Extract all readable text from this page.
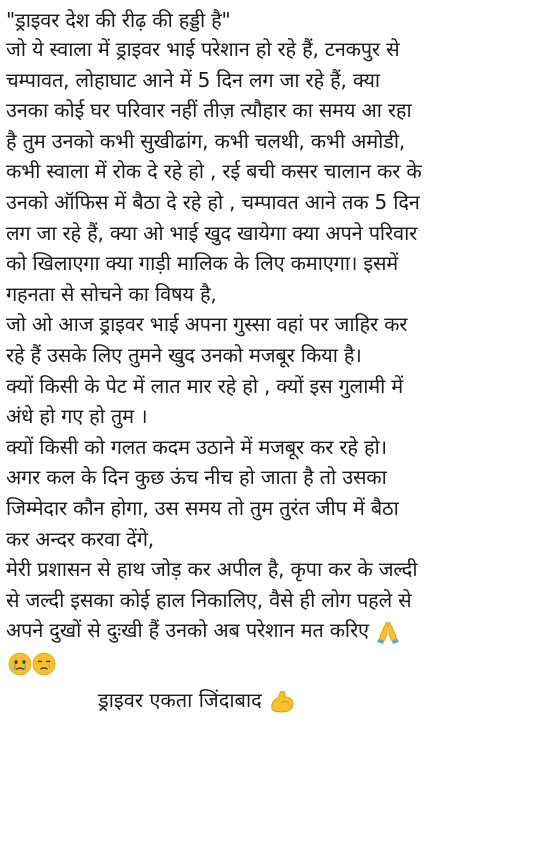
"ड्राइवर देश की रीढ़ की हड्डी है"
जो ये स्वाला में ड्राइवर भाई परेशान हो रहे हैं, टनकपुर से
चम्पावत, लोहाघाट आने में 5 दिन लग जा रहे हैं, क्या
उनका कोई घर परिवार नहीं तीज़ त्यौहार का समय आ रहा
है तुम उनको कभी सुखीढांग, कभी चलथी, कभी अमोडी,
कभी स्वाला में रोक दे रहे हो , रई बची कसर चालान कर के
उनको ऑफिस में बैठा दे रहे हो , चम्पावत आने तक 5 दिन
लग जा रहे हैं, क्या ओ भाई खुद खायेगा क्या अपने परिवार
को खिलाएगा क्या गाड़ी मालिक के लिए कमाएगा। इसमें
गहनता से सोचने का विषय है,
जो ओ आज ड्राइवर भाई अपना गुस्सा वहां पर जाहिर कर
रहे हैं उसके लिए तुमने खुद उनको मजबूर किया है।
क्यों किसी के पेट में लात मार रहे हो , क्यों इस गुलामी में
अंधे हो गए हो तुम ।
क्यों किसी को गलत कदम उठाने में मजबूर कर रहे हो।
अगर कल के दिन कुछ ऊंच नीच हो जाता है तो उसका
जिम्मेदार कौन होगा, उस समय तो तुम तुरंत जीप में बैठा
कर अन्दर करवा देंगे,
मेरी प्रशासन से हाथ जोड़ कर अपील है, कृपा कर के जल्दी
से जल्दी इसका कोई हाल निकालिए, वैसे ही लोग पहले से
अपने दुखों से दुःखी हैं उनको अब परेशान मत करिए
ड्राइवर एकता जिंदाबाद
